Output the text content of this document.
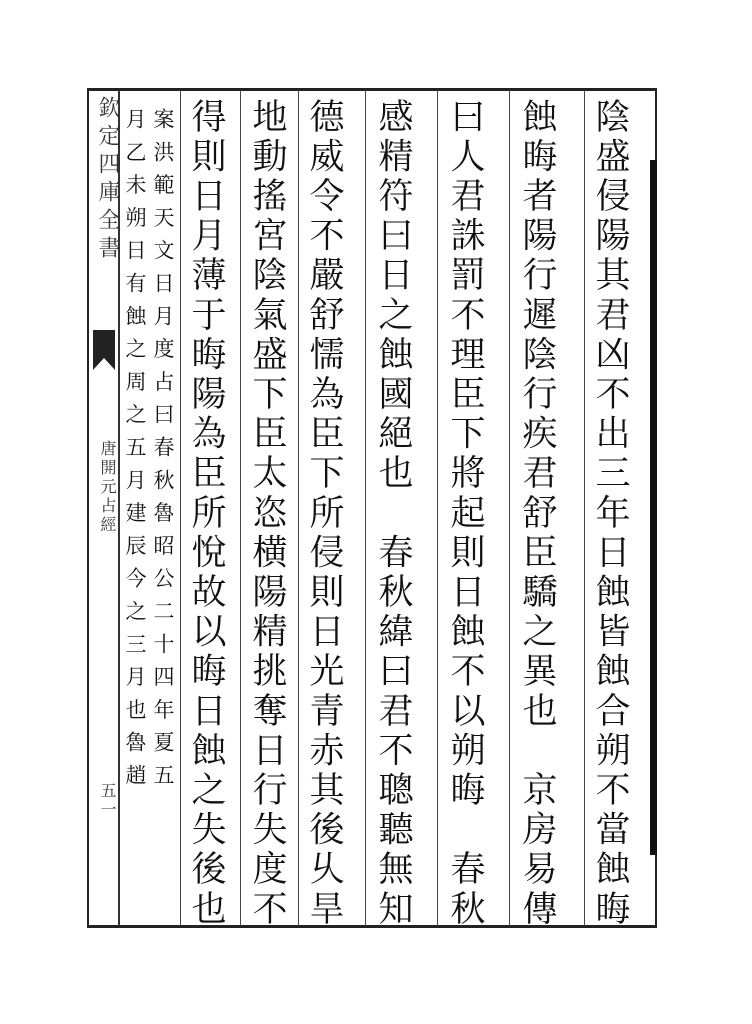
陰盛侵陽其君凶不出三年日蝕皆蝕合朔不當蝕晦
蝕晦者陽行遲陰行疾君舒臣驕之異也　京房易傳
曰人君誅罰不理臣下將起則日蝕不以朔晦　春秋
感精符曰日之蝕國絕也　春秋緯曰君不聰聽無知
德威令不嚴舒懦為臣下所侵則日光青赤其後乆旱
地動搖宮陰氣盛下臣太恣横陽精挑奪日行失度不
得則日月薄于晦陽為臣所悅故以晦日蝕之失後也
案洪範天文日月度占曰春秋魯昭公二十四年夏五
月乙未朔日有蝕之周之五月建辰今之三月也魯趙
欽定四庫全書
唐開元占經
五一
